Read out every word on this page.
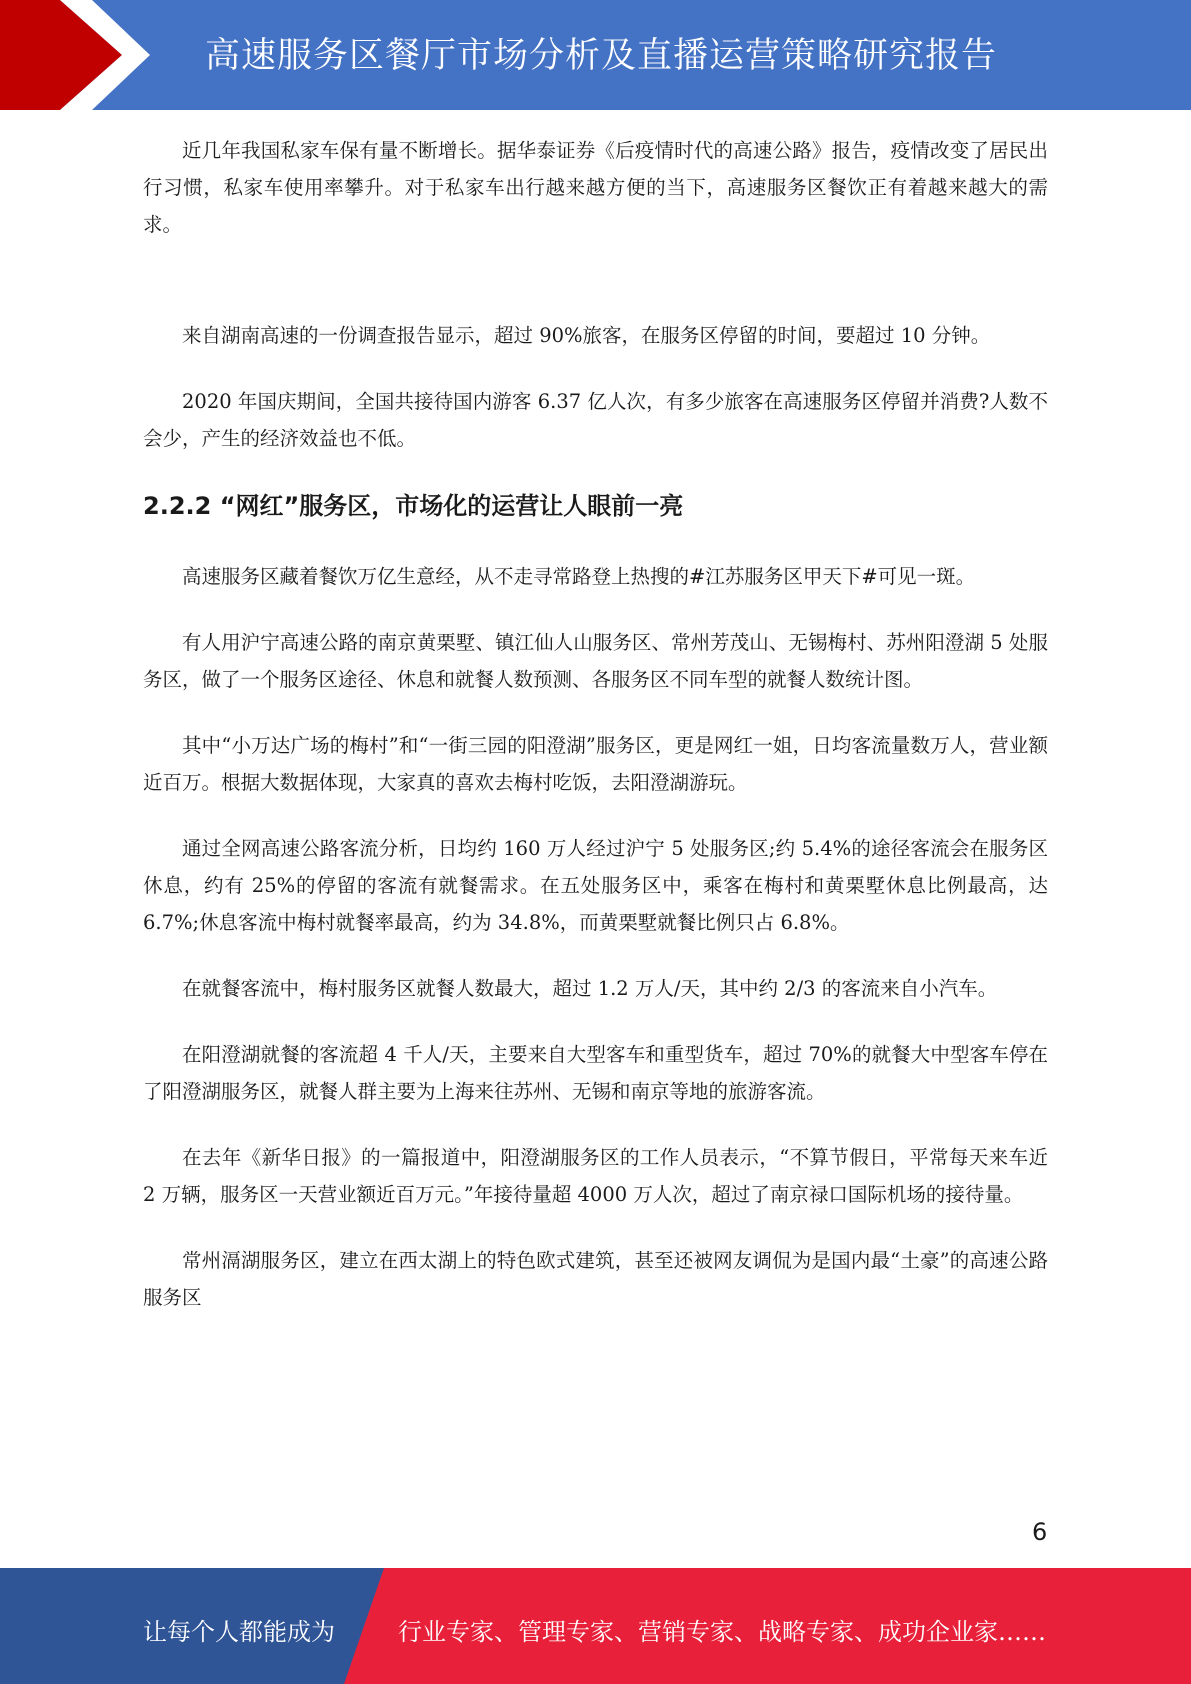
高速服务区餐厅市场分析及直播运营策略研究报告

近几年我国私家车保有量不断增长。据华泰证券《后疫情时代的高速公路》报告，疫情改变了居民出行习惯，私家车使用率攀升。对于私家车出行越来越方便的当下，高速服务区餐饮正有着越来越大的需求。

来自湖南高速的一份调查报告显示，超过 90%旅客，在服务区停留的时间，要超过 10 分钟。

2020 年国庆期间，全国共接待国内游客 6.37 亿人次，有多少旅客在高速服务区停留并消费?人数不会少，产生的经济效益也不低。

2.2.2 “网红”服务区，市场化的运营让人眼前一亮

高速服务区藏着餐饮万亿生意经，从不走寻常路登上热搜的#江苏服务区甲天下#可见一斑。

有人用沪宁高速公路的南京黄栗墅、镇江仙人山服务区、常州芳茂山、无锡梅村、苏州阳澄湖 5 处服务区，做了一个服务区途径、休息和就餐人数预测、各服务区不同车型的就餐人数统计图。

其中“小万达广场的梅村”和“一街三园的阳澄湖”服务区，更是网红一姐，日均客流量数万人，营业额近百万。根据大数据体现，大家真的喜欢去梅村吃饭，去阳澄湖游玩。

通过全网高速公路客流分析，日均约 160 万人经过沪宁 5 处服务区;约 5.4%的途径客流会在服务区休息，约有 25%的停留的客流有就餐需求。在五处服务区中，乘客在梅村和黄栗墅休息比例最高，达 6.7%;休息客流中梅村就餐率最高，约为 34.8%，而黄栗墅就餐比例只占 6.8%。

在就餐客流中，梅村服务区就餐人数最大，超过 1.2 万人/天，其中约 2/3 的客流来自小汽车。

在阳澄湖就餐的客流超 4 千人/天，主要来自大型客车和重型货车，超过 70%的就餐大中型客车停在了阳澄湖服务区，就餐人群主要为上海来往苏州、无锡和南京等地的旅游客流。

在去年《新华日报》的一篇报道中，阳澄湖服务区的工作人员表示，“不算节假日，平常每天来车近 2 万辆，服务区一天营业额近百万元。”年接待量超 4000 万人次，超过了南京禄口国际机场的接待量。

常州滆湖服务区，建立在西太湖上的特色欧式建筑，甚至还被网友调侃为是国内最“土豪”的高速公路服务区

6
让每个人都能成为	行业专家、管理专家、营销专家、战略专家、成功企业家……
